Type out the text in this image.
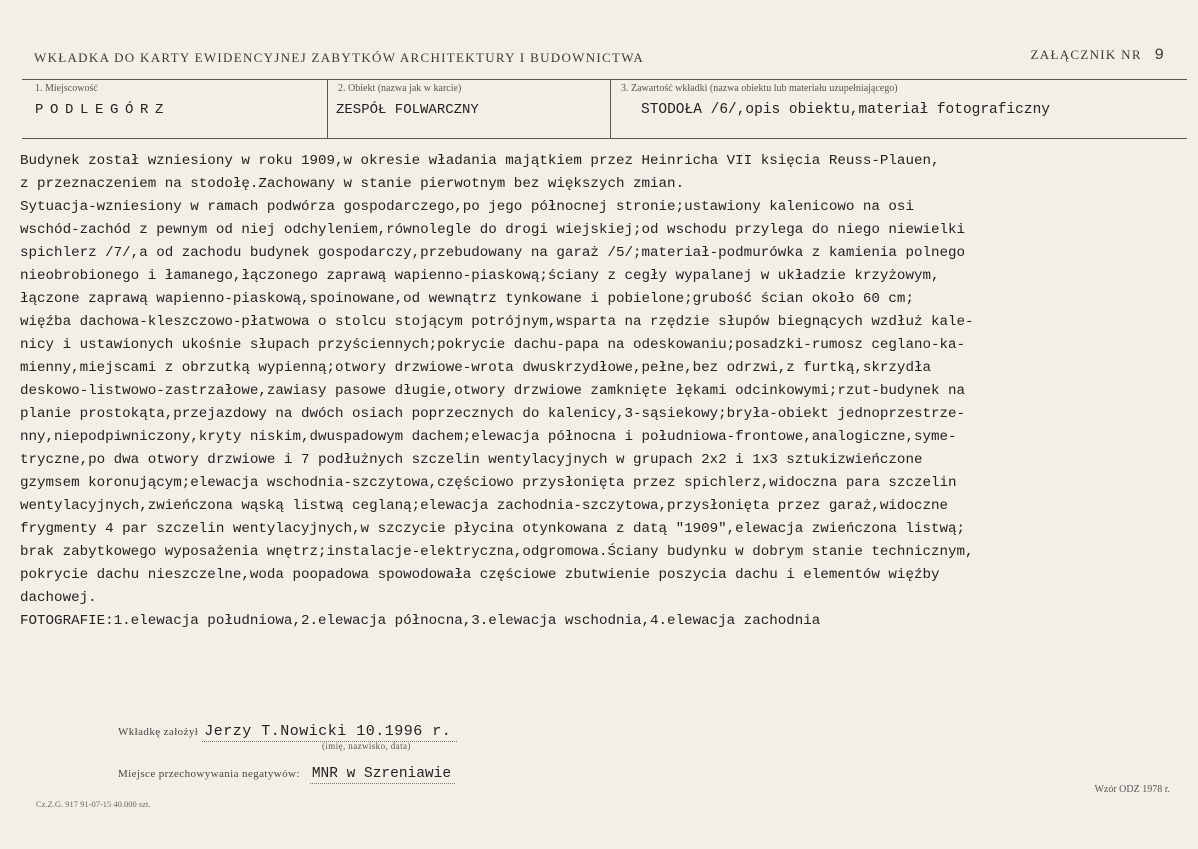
WKŁADKA DO KARTY EWIDENCYJNEJ ZABYTKÓW ARCHITEKTURY I BUDOWNICTWA	ZAŁĄCZNIK NR 9
1. Miejscowość
PODLEGÓRZ
2. Obiekt (nazwa jak w karcie)
ZESPÓŁ FOLWARCZNY
3. Zawartość wkładki (nazwa obiektu lub materiału uzupełniającego)
STODOŁA /6/,opis obiektu,materiał fotograficzny
Budynek został wzniesiony w roku 1909,w okresie władania majątkiem przez Heinricha VII księcia Reuss-Plauen,
z przeznaczeniem na stodołę.Zachowany w stanie pierwotnym bez większych zmian.
Sytuacja-wzniesiony w ramach podwórza gospodarczego,po jego północnej stronie;ustawiony kalenicowo na osi
wschód-zachód z pewnym od niej odchyleniem,równolegle do drogi wiejskiej;od wschodu przylega do niego niewielki
spichlerz /7/,a od zachodu budynek gospodarczy,przebudowany na garaż /5/;materiał-podmurówka z kamienia polnego
nieobrobionego i łamanego,łączonego zaprawą wapienno-piaskową;ściany z cegły wypalanej w układzie krzyżowym,
łączone zaprawą wapienno-piaskową,spoinowane,od wewnątrz tynkowane i pobielone;grubość ścian około 60 cm;
więźba dachowa-kleszczowo-płatwowa o stolcu stojącym potrójnym,wsparta na rzędzie słupów biegnących wzdłuż kale-
nicy i ustawionych ukośnie słupach przyściennych;pokrycie dachu-papa na odeskowaniu;posadzki-rumosz ceglano-ka-
mienny,miejscami z obrzutką wypienną;otwory drzwiowe-wrota dwuskrzydłowe,pełne,bez odrzwi,z furtką,skrzydła
deskowo-listwowo-zastrzałowe,zawiasy pasowe długie,otwory drzwiowe zamknięte łękami odcinkowymi;rzut-budynek na
planie prostokąta,przejazdowy na dwóch osiach poprzecznych do kalenicy,3-sąsiekowy;bryła-obiekt jednoprzestrze-
nny,niepodpiwniczony,kryty niskim,dwuspadowym dachem;elewacja północna i południowa-frontowe,analogiczne,syme-
tryczne,po dwa otwory drzwiowe i 7 podłużnych szczelin wentylacyjnych w grupach 2x2 i 1x3 sztukizwieńczone
gzymsem koronującym;elewacja wschodnia-szczytowa,częściowo przysłonięta przez spichlerz,widoczna para szczelin
wentylacyjnych,zwieńczona wąską listwą ceglaną;elewacja zachodnia-szczytowa,przysłonięta przez garaż,widoczne
frygmenty 4 par szczelin wentylacyjnych,w szczycie płycina otynkowana z datą "1909",elewacja zwieńczona listwą;
brak zabytkowego wyposażenia wnętrz;instalacje-elektryczna,odgromowa.Ściany budynku w dobrym stanie technicznym,
pokrycie dachu nieszczelne,woda poopadowa spowodowała częściowe zbutwienie poszycia dachu i elementów więźby
dachowej.
FOTOGRAFIE:1.elewacja południowa,2.elewacja północna,3.elewacja wschodnia,4.elewacja zachodnia
Wkładkę założył Jerzy T.Nowicki 10.1996 r.
(imię, nazwisko, data)
Miejsce przechowywania negatywów: MNR w Szreniawie
Wzór ODZ 1978 r.
Cz.Z.G. 917 91-07-15 40.000 szt.
